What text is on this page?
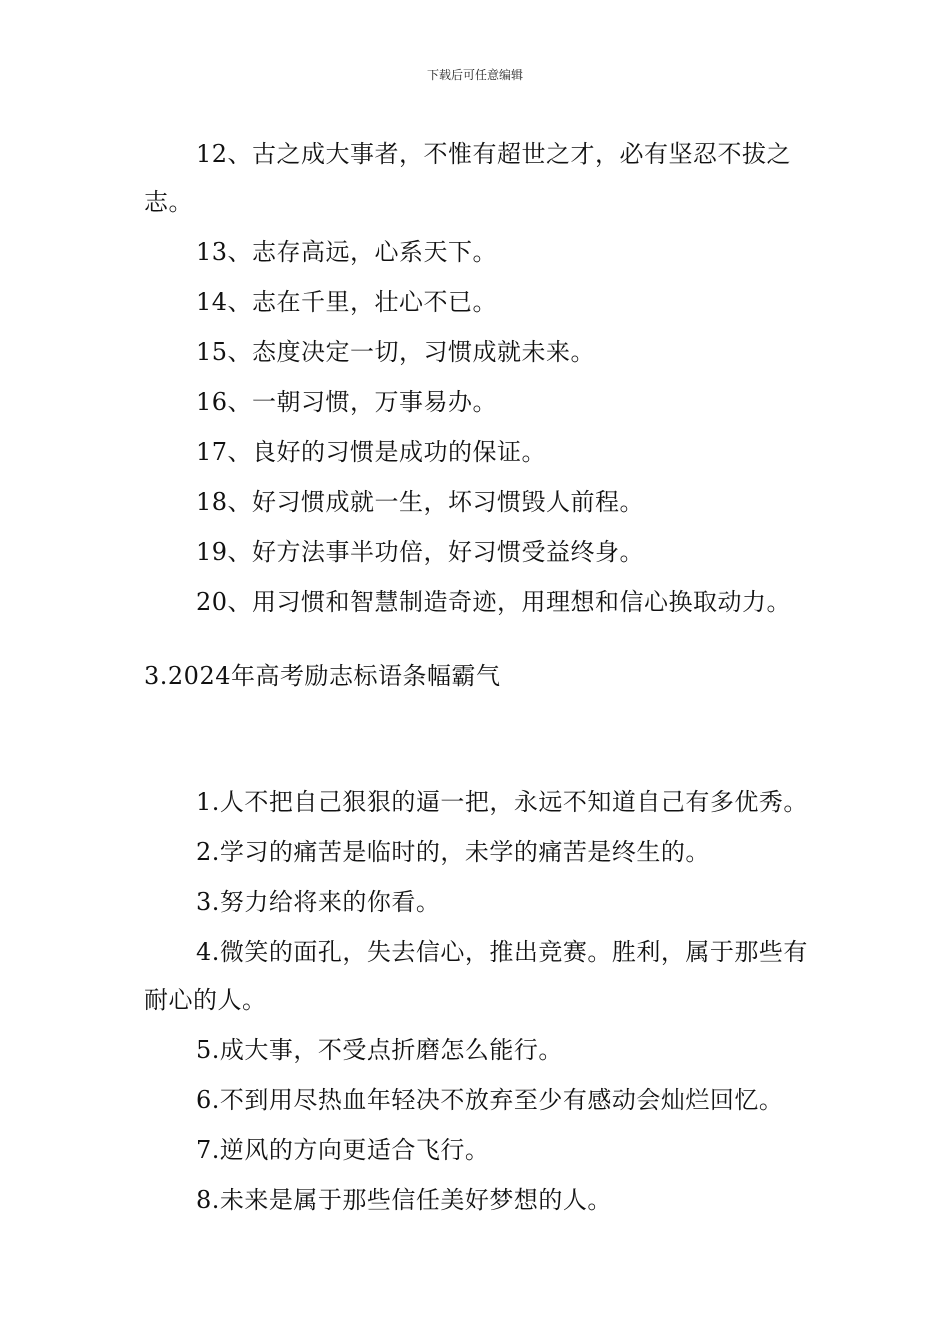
下载后可任意编辑

12、古之成大事者，不惟有超世之才，必有坚忍不拔之志。

13、志存高远，心系天下。

14、志在千里，壮心不已。

15、态度决定一切，习惯成就未来。

16、一朝习惯，万事易办。

17、良好的习惯是成功的保证。

18、好习惯成就一生，坏习惯毁人前程。

19、好方法事半功倍，好习惯受益终身。

20、用习惯和智慧制造奇迹，用理想和信心换取动力。

3.2024年高考励志标语条幅霸气

1.人不把自己狠狠的逼一把，永远不知道自己有多优秀。

2.学习的痛苦是临时的，未学的痛苦是终生的。

3.努力给将来的你看。

4.微笑的面孔，失去信心，推出竞赛。胜利，属于那些有耐心的人。

5.成大事，不受点折磨怎么能行。

6.不到用尽热血年轻决不放弃至少有感动会灿烂回忆。

7.逆风的方向更适合飞行。

8.未来是属于那些信任美好梦想的人。
